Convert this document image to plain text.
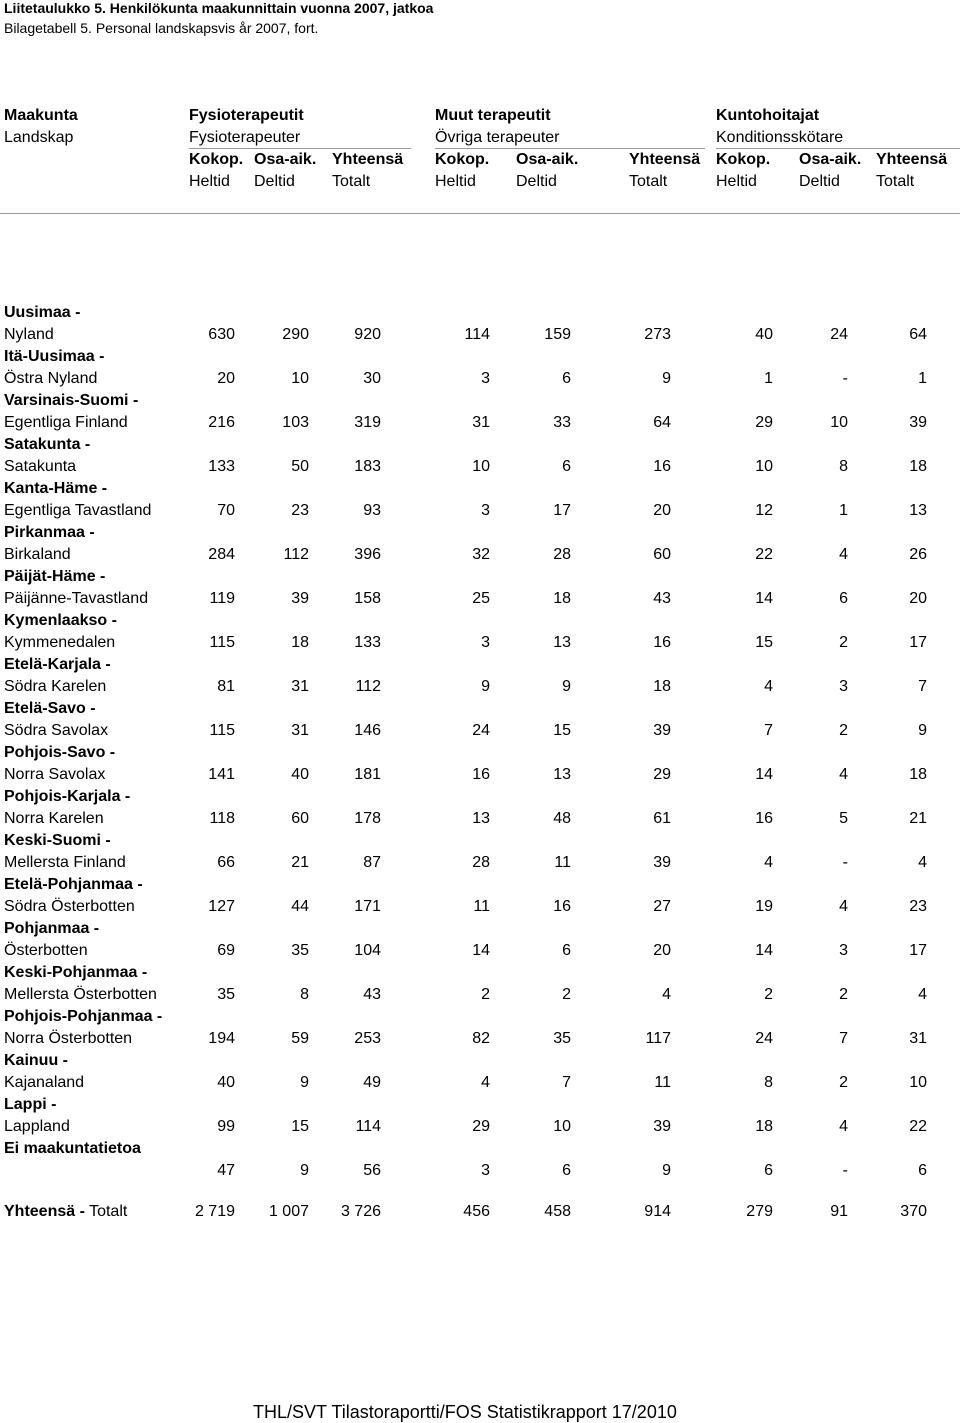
Liitetaulukko 5. Henkilökunta maakunnittain vuonna 2007, jatkoa
Bilagetabell 5. Personal landskapsvis år 2007, fort.
Maakunta
Landskap
Fysioterapeutit
Fysioterapeuter
Muut terapeutit
Övriga terapeuter
Kuntohoitajat
Konditionsskötare
Kokop. Osa-aik. Yhteensä Kokop. Osa-aik.	Yhteensä Kokop. Osa-aik. Yhteensä
Heltid Deltid Totalt	Heltid	Deltid	Totalt	Heltid	Deltid Totalt
Uusimaa -
Nyland	630	290	920	114	159	273	40	24	64
Itä-Uusimaa -
Östra Nyland	20	10	30	3	6	9	1	-	1
Varsinais-Suomi -
Egentliga Finland	216	103	319	31	33	64	29	10	39
Satakunta -
Satakunta	133	50	183	10	6	16	10	8	18
Kanta-Häme -
Egentliga Tavastland	70	23	93	3	17	20	12	1	13
Pirkanmaa -
Birkaland	284	112	396	32	28	60	22	4	26
Päijät-Häme -
Päijänne-Tavastland	119	39	158	25	18	43	14	6	20
Kymenlaakso -
Kymmenedalen	115	18	133	3	13	16	15	2	17
Etelä-Karjala -
Södra Karelen	81	31	112	9	9	18	4	3	7
Etelä-Savo -
Södra Savolax	115	31	146	24	15	39	7	2	9
Pohjois-Savo -
Norra Savolax	141	40	181	16	13	29	14	4	18
Pohjois-Karjala -
Norra Karelen	118	60	178	13	48	61	16	5	21
Keski-Suomi -
Mellersta Finland	66	21	87	28	11	39	4	-	4
Etelä-Pohjanmaa -
Södra Österbotten	127	44	171	11	16	27	19	4	23
Pohjanmaa -
Österbotten	69	35	104	14	6	20	14	3	17
Keski-Pohjanmaa -
Mellersta Österbotten	35	8	43	2	2	4	2	2	4
Pohjois-Pohjanmaa -
Norra Österbotten	194	59	253	82	35	117	24	7	31
Kainuu -
Kajanaland	40	9	49	4	7	11	8	2	10
Lappi -
Lappland	99	15	114	29	10	39	18	4	22
Ei maakuntatietoa
47	9	56	3	6	9	6	-	6
Yhteensä - Totalt	2 719	1 007	3 726	456	458	914	279	91	370
THL/SVT Tilastoraportti/FOS Statistikrapport 17/2010
